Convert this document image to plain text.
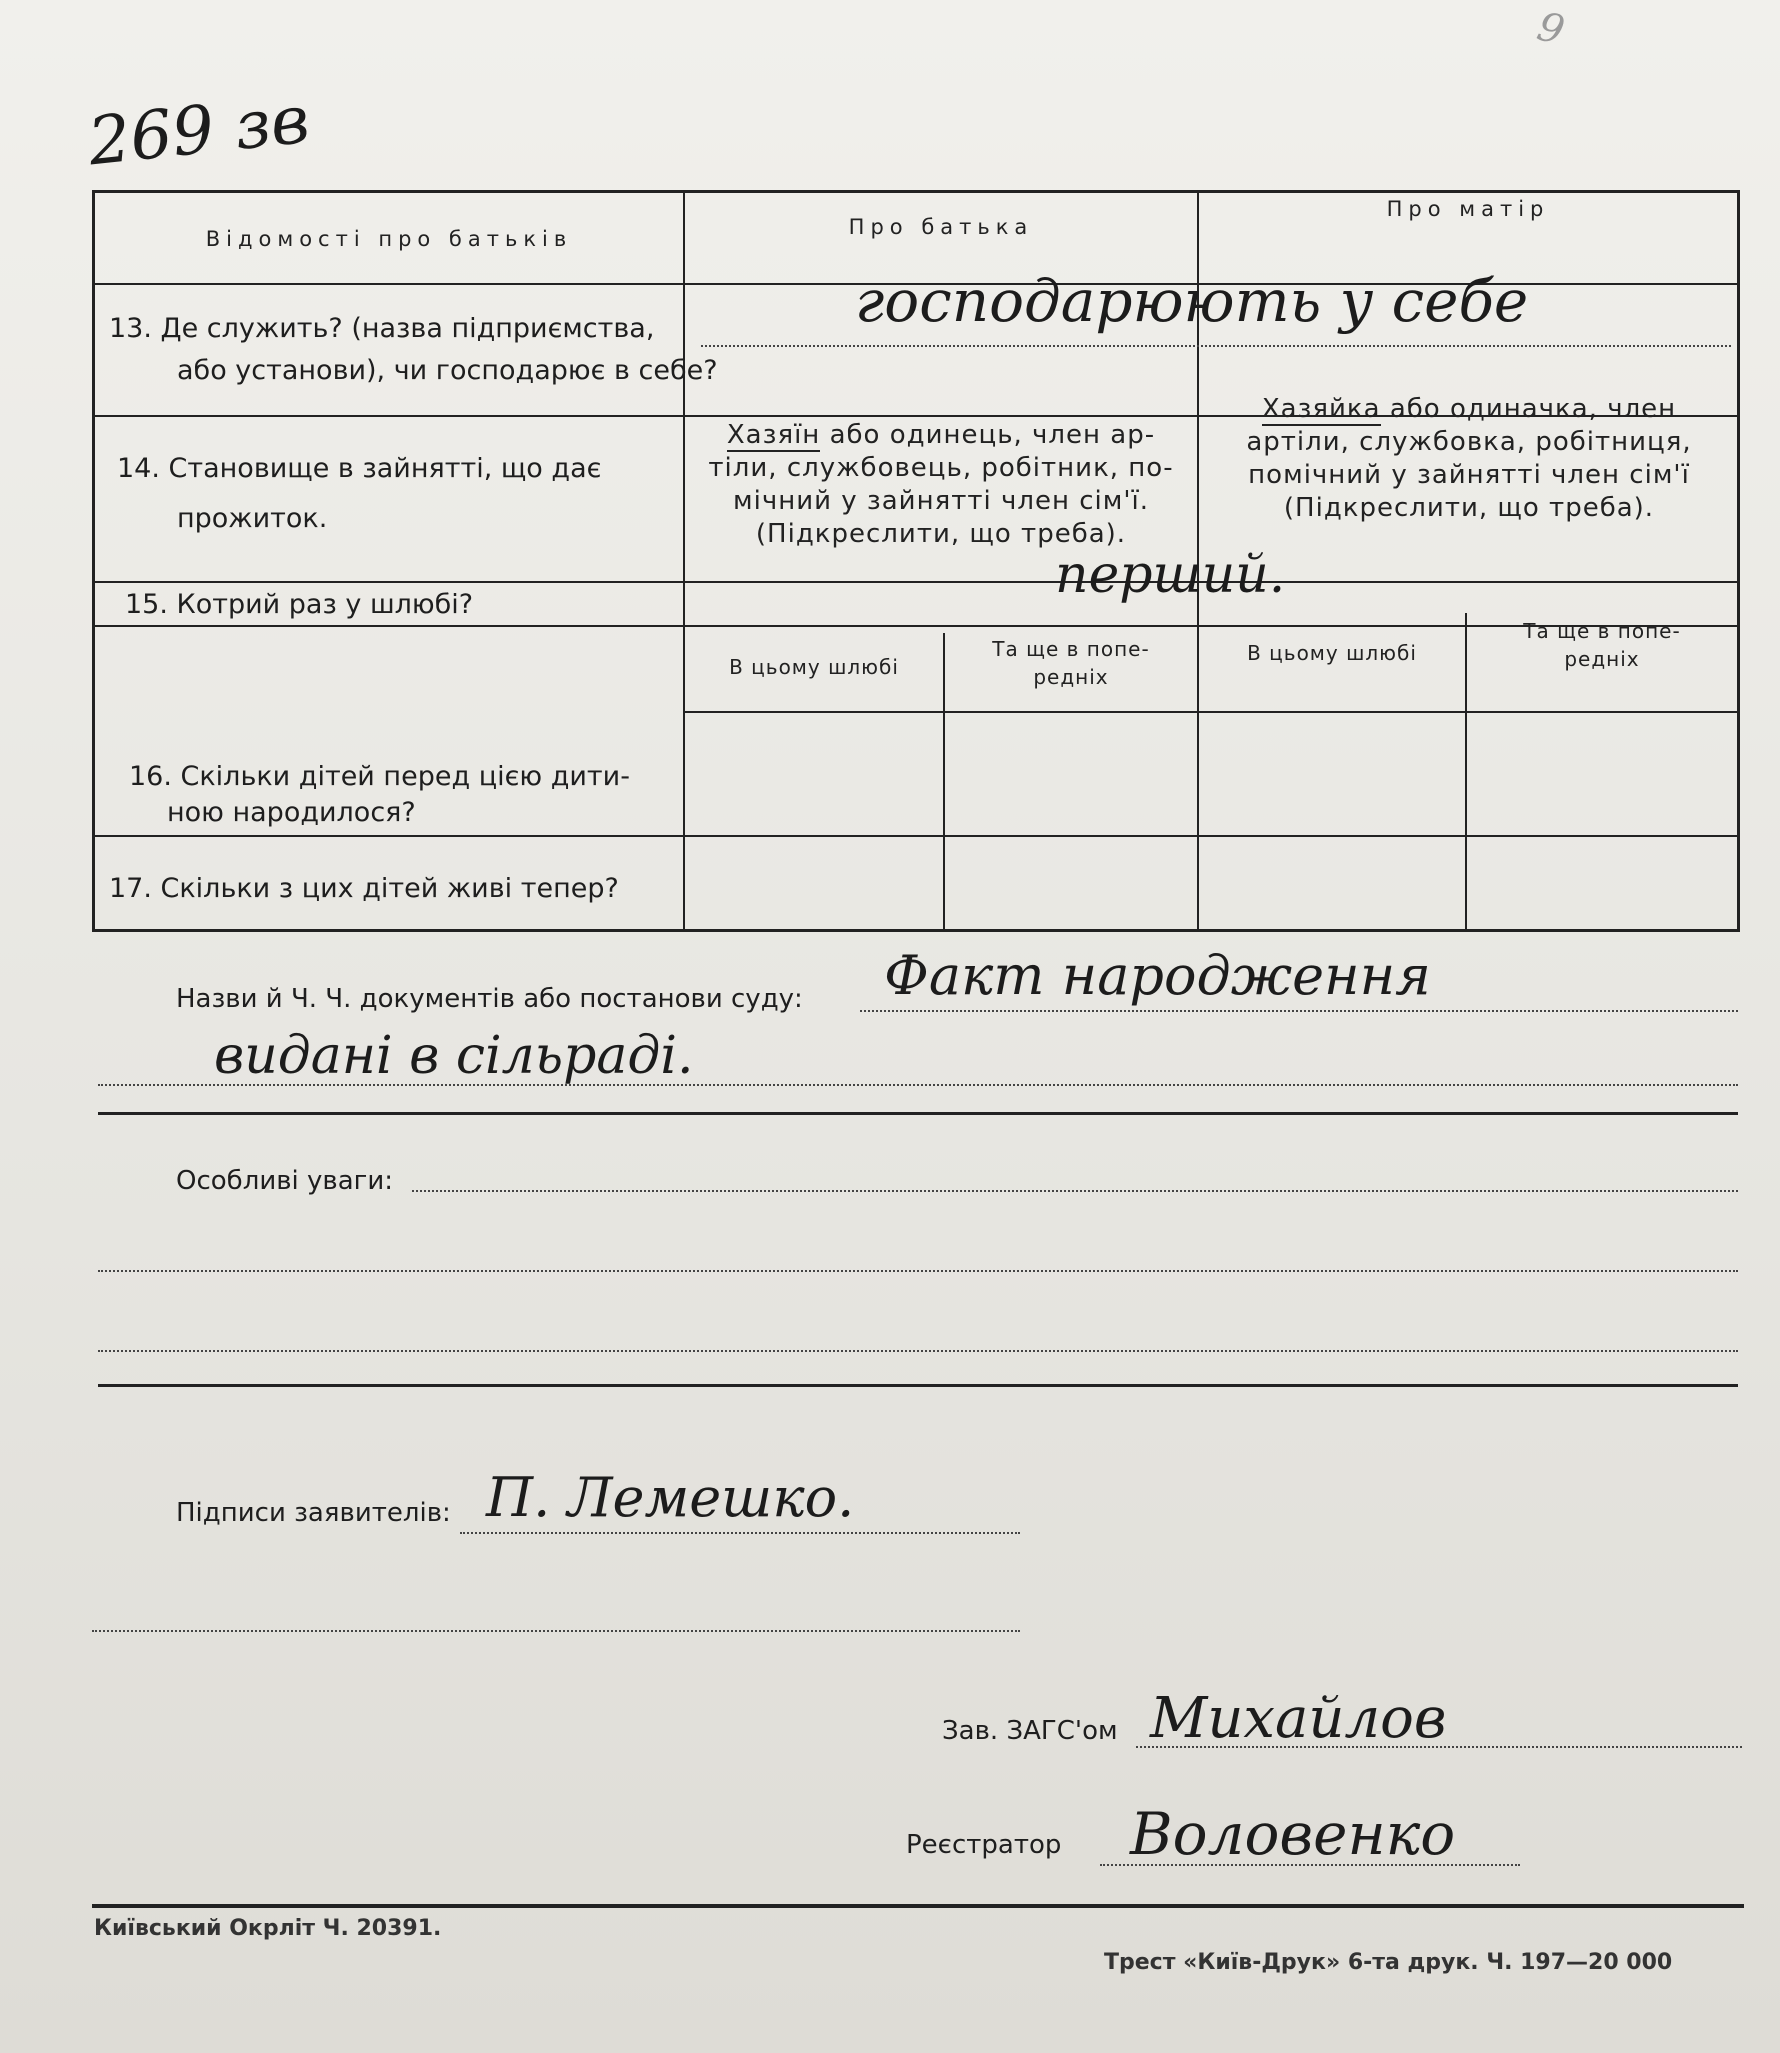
269 зв
9
Відомості про батьків	Про батька
Про матір
13. Де служить? (назва підприємства,
або установи), чи господарює в себе?
господарюють у себе
14. Становище в зайнятті, що дає
прожиток.
Хазяїн або одинець, член ар-
тіли, службовець, робітник, по-
мічний у зайнятті член сім'ї.
(Підкреслити, що треба).
Хазяйка або одиначка, член
артіли, службовка, робітниця,
помічний у зайнятті член сім'ї
(Підкреслити, що треба).
15. Котрий раз у шлюбі?	перший.
В цьому шлюбі
Та ще в попе-
редніх
В цьому шлюбі
Та ще в попе-
редніх
16. Скільки дітей перед цією дити-
ною народилося?
17. Скільки з цих дітей живі тепер?
Назви й Ч. Ч. документів або постанови суду: Факт народження
видані в сільраді.
Особливі уваги:
Підписи заявителів: П. Лемешко.
Зав. ЗАГС'ом Михайлов
Реєстратор Воловенко
Київський Окрліт Ч. 20391.
Трест «Київ-Друк» 6-та друк. Ч. 197—20 000
